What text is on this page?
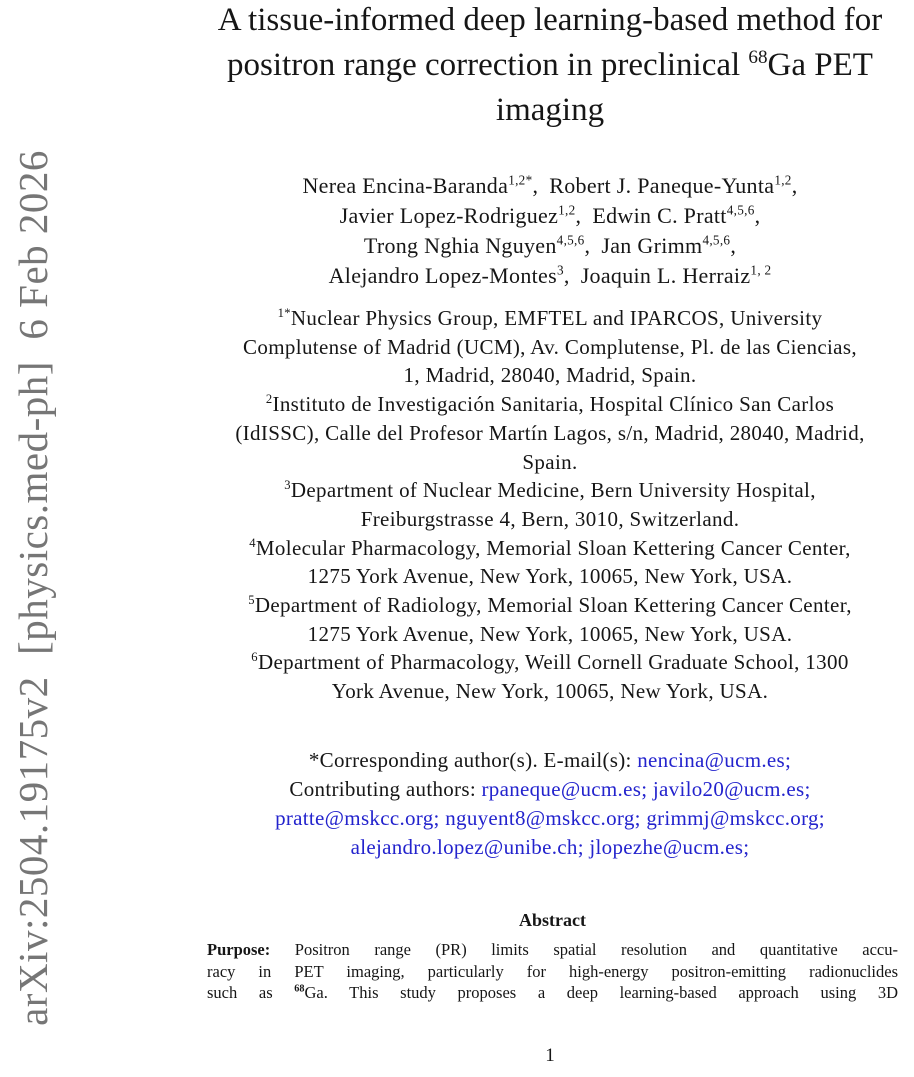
arXiv:2504.19175v2  [physics.med-ph]  6 Feb 2026
A tissue-informed deep learning-based method for
positron range correction in preclinical $^{68}$Ga PET
imaging
Nerea Encina-Baranda$^{1,2*}$, Robert J. Paneque-Yunta$^{1,2}$,
Javier Lopez-Rodriguez$^{1,2}$, Edwin C. Pratt$^{4,5,6}$,
Trong Nghia Nguyen$^{4,5,6}$, Jan Grimm$^{4,5,6}$,
Alejandro Lopez-Montes$^3$, Joaquin L. Herraiz$^{1, 2}$
$^{1*}$Nuclear Physics Group, EMFTEL and IPARCOS, University
Complutense of Madrid (UCM), Av. Complutense, Pl. de las Ciencias,
1, Madrid, 28040, Madrid, Spain.
$^2$Instituto de Investigación Sanitaria, Hospital Clínico San Carlos
(IdISSC), Calle del Profesor Martín Lagos, s/n, Madrid, 28040, Madrid,
Spain.
$^3$Department of Nuclear Medicine, Bern University Hospital,
Freiburgstrasse 4, Bern, 3010, Switzerland.
$^4$Molecular Pharmacology, Memorial Sloan Kettering Cancer Center,
1275 York Avenue, New York, 10065, New York, USA.
$^5$Department of Radiology, Memorial Sloan Kettering Cancer Center,
1275 York Avenue, New York, 10065, New York, USA.
$^6$Department of Pharmacology, Weill Cornell Graduate School, 1300
York Avenue, New York, 10065, New York, USA.
*Corresponding author(s). E-mail(s): nencina@ucm.es;
Contributing authors: rpaneque@ucm.es; javilo20@ucm.es;
pratte@mskcc.org; nguyent8@mskcc.org; grimmj@mskcc.org;
alejandro.lopez@unibe.ch; jlopezhe@ucm.es;
Abstract
Purpose: Positron range (PR) limits spatial resolution and quantitative accu-
racy in PET imaging, particularly for high-energy positron-emitting radionuclides
such as $^{68}$Ga. This study proposes a deep learning-based approach using 3D
1
